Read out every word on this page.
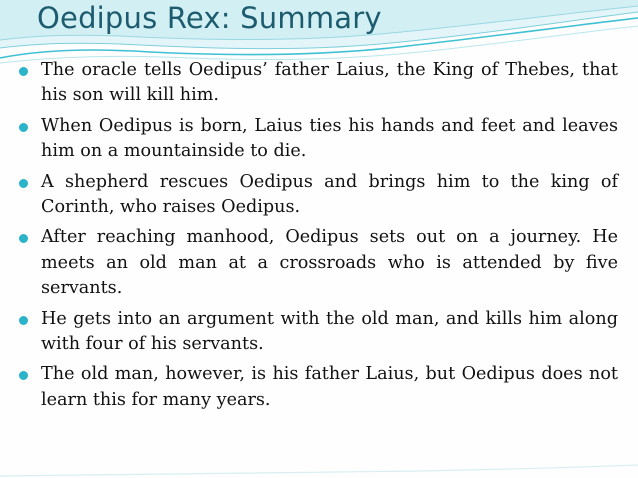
Oedipus Rex: Summary
The oracle tells Oedipus’ father Laius, the King of Thebes, that his son will kill him.
When Oedipus is born, Laius ties his hands and feet and leaves him on a mountainside to die.
A shepherd rescues Oedipus and brings him to the king of Corinth, who raises Oedipus.
After reaching manhood, Oedipus sets out on a journey. He meets an old man at a crossroads who is attended by five servants.
He gets into an argument with the old man, and kills him along with four of his servants.
The old man, however, is his father Laius, but Oedipus does not learn this for many years.
